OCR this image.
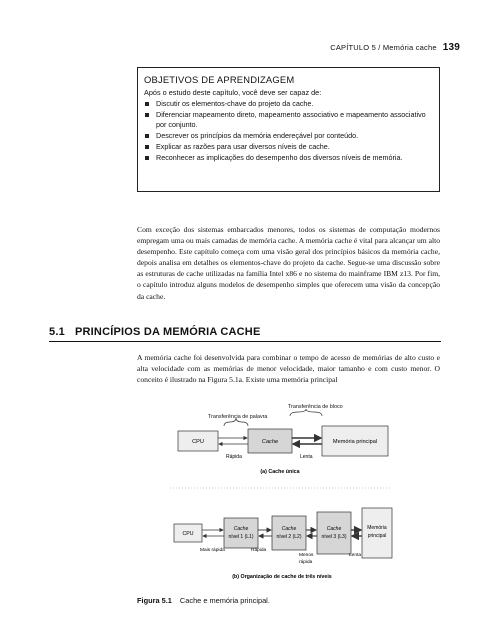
CAPÍTULO 5 / Memória cache 139
OBJETIVOS DE APRENDIZAGEM
Após o estudo deste capítulo, você deve ser capaz de:
Discutir os elementos-chave do projeto da cache.
Diferenciar mapeamento direto, mapeamento associativo e mapeamento associativo por conjunto.
Descrever os princípios da memória endereçável por conteúdo.
Explicar as razões para usar diversos níveis de cache.
Reconhecer as implicações do desempenho dos diversos níveis de memória.

Com exceção dos sistemas embarcados menores, todos os sistemas de computação modernos empregam uma ou mais camadas de memória cache. A memória cache é vital para alcançar um alto desempenho. Este capítulo começa com uma visão geral dos princípios básicos da memória cache, depois analisa em detalhes os elementos-chave do projeto da cache. Segue-se uma discussão sobre as estruturas de cache utilizadas na família Intel x86 e no sistema do mainframe IBM z13. Por fim, o capítulo introduz alguns modelos de desempenho simples que oferecem uma visão da concepção da cache.

5.1 PRINCÍPIOS DA MEMÓRIA CACHE

A memória cache foi desenvolvida para combinar o tempo de acesso de memórias de alto custo e alta velocidade com as memórias de menor velocidade, maior tamanho e com custo menor. O conceito é ilustrado na Figura 5.1a. Existe uma memória principal

Transferência de palavra
Transferência de bloco
CPU	Cache	Memória principal
Rápida	Lenta
(a) Cache única
CPU
Cache
nível 1 (L1)
Cache
nível 2 (L2)
Cache
nível 3 (L3)
Memória
principal
Mais rápida	Rápida
Menos
rápida
Lenta
(b) Organização de cache de três níveis
Figura 5.1 Cache e memória principal.
